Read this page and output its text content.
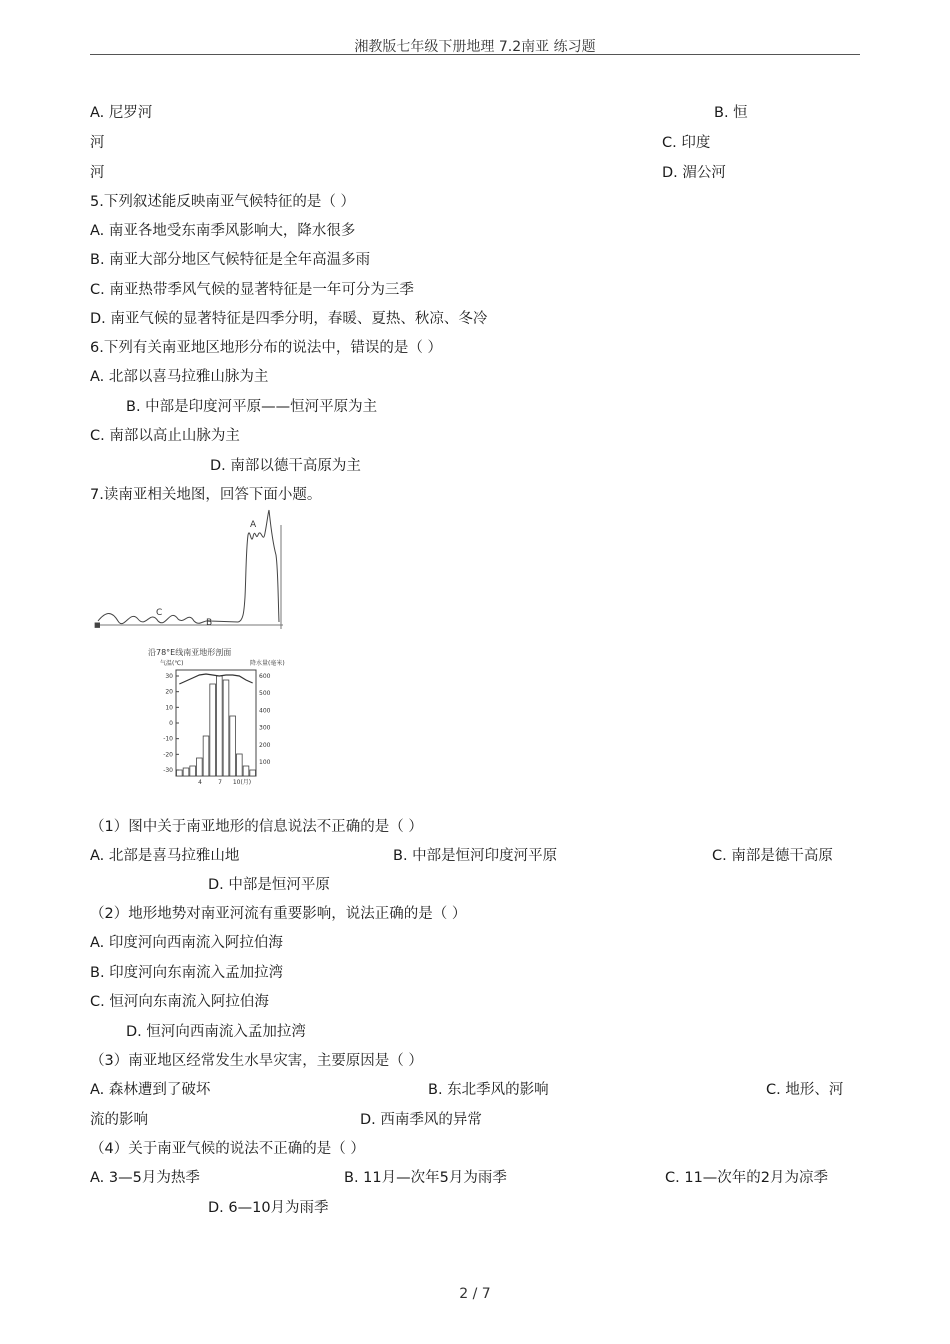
湘教版七年级下册地理 7.2南亚 练习题
A. 尼罗河	B. 恒
河	C. 印度
河	D. 湄公河
5.下列叙述能反映南亚气候特征的是（ ）
A. 南亚各地受东南季风影响大，降水很多
B. 南亚大部分地区气候特征是全年高温多雨
C. 南亚热带季风气候的显著特征是一年可分为三季
D. 南亚气候的显著特征是四季分明，春暖、夏热、秋凉、冬冷
6.下列有关南亚地区地形分布的说法中，错误的是（ ）
A. 北部以喜马拉雅山脉为主
B. 中部是印度河平原——恒河平原为主
C. 南部以高止山脉为主
D. 南部以德干高原为主
7.读南亚相关地图，回答下面小题。
■
A
B
C
沿78°E线南亚地形剖面
30
20
10
0
-10
-20
-30
600
500
400
300
200
100
4	7 10(月)
气温(℃)	降水量(毫米)
（1）图中关于南亚地形的信息说法不正确的是（ ）
A. 北部是喜马拉雅山地	B. 中部是恒河印度河平原	C. 南部是德干高原
D. 中部是恒河平原
（2）地形地势对南亚河流有重要影响，说法正确的是（ ）
A. 印度河向西南流入阿拉伯海
B. 印度河向东南流入孟加拉湾
C. 恒河向东南流入阿拉伯海
D. 恒河向西南流入孟加拉湾
（3）南亚地区经常发生水旱灾害，主要原因是（ ）
A. 森林遭到了破坏	B. 东北季风的影响	C. 地形、河
流的影响	D. 西南季风的异常
（4）关于南亚气候的说法不正确的是（ ）
A. 3—5月为热季	B. 11月—次年5月为雨季	C. 11—次年的2月为凉季
D. 6—10月为雨季
2 / 7
